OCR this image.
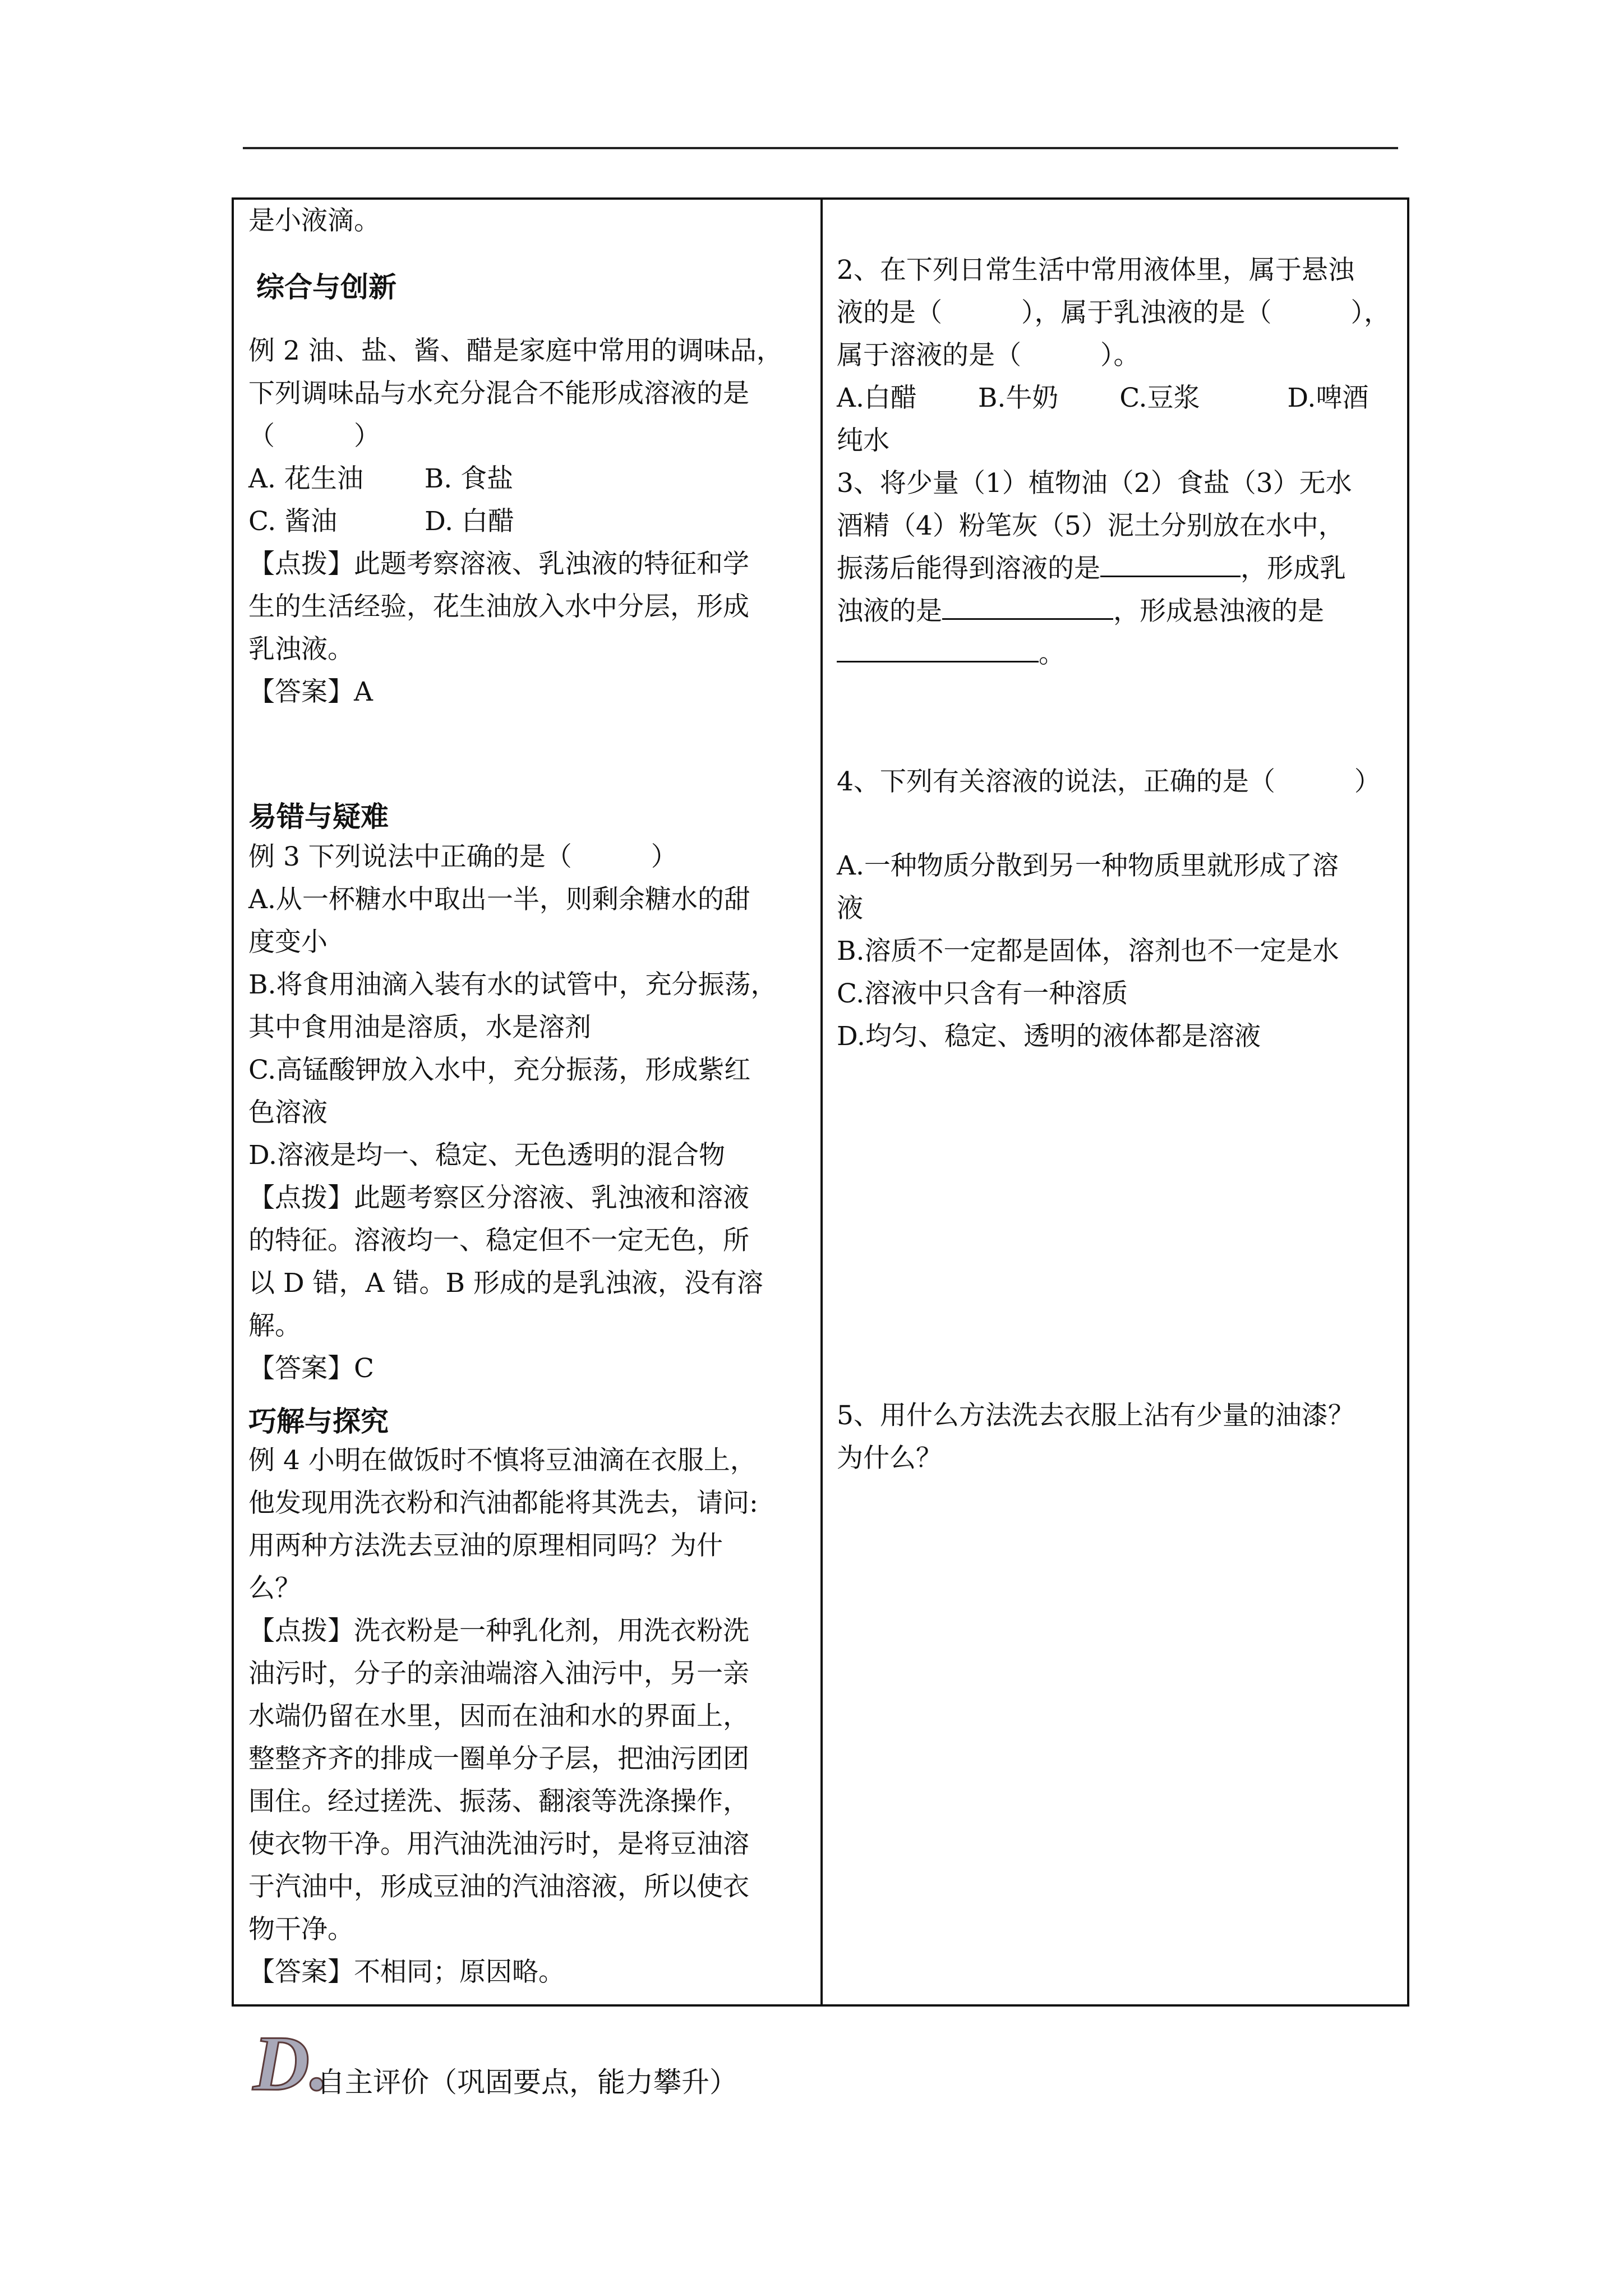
是小液滴。

综合与创新

例 2 油、盐、酱、醋是家庭中常用的调味品，

下列调味品与水充分混合不能形成溶液的是

（　　　）

A. 花生油　　 B. 食盐

C. 酱油　　　 D. 白醋

【点拨】此题考察溶液、乳浊液的特征和学

生的生活经验，花生油放入水中分层，形成

乳浊液。

【答案】A

易错与疑难

例 3 下列说法中正确的是（　　　）

A.从一杯糖水中取出一半，则剩余糖水的甜

度变小

B.将食用油滴入装有水的试管中，充分振荡，

其中食用油是溶质，水是溶剂

C.高锰酸钾放入水中，充分振荡，形成紫红

色溶液

D.溶液是均一、稳定、无色透明的混合物

【点拨】此题考察区分溶液、乳浊液和溶液

的特征。溶液均一、稳定但不一定无色，所

以 D 错，A 错。B 形成的是乳浊液，没有溶

解。

【答案】C

巧解与探究

例 4 小明在做饭时不慎将豆油滴在衣服上，

他发现用洗衣粉和汽油都能将其洗去，请问:

用两种方法洗去豆油的原理相同吗？为什

么？

【点拨】洗衣粉是一种乳化剂，用洗衣粉洗

油污时，分子的亲油端溶入油污中，另一亲

水端仍留在水里，因而在油和水的界面上，

整整齐齐的排成一圈单分子层，把油污团团

围住。经过搓洗、振荡、翻滚等洗涤操作，

使衣物干净。用汽油洗油污时，是将豆油溶

于汽油中，形成豆油的汽油溶液，所以使衣

物干净。

【答案】不相同；原因略。

2、在下列日常生活中常用液体里，属于悬浊

液的是（　　　），属于乳浊液的是（　　　），

属于溶液的是（　　　）。

A.白醋　　 B.牛奶　　 C.豆浆　　　 D.啤酒

纯水

3、将少量（1）植物油（2）食盐（3）无水

酒精（4）粉笔灰（5）泥土分别放在水中，

振荡后能得到溶液的是	，形成乳

浊液的是	，形成悬浊液的是

。

4、下列有关溶液的说法，正确的是（　　　）

A.一种物质分散到另一种物质里就形成了溶

液

B.溶质不一定都是固体，溶剂也不一定是水

C.溶液中只含有一种溶质

D.均匀、稳定、透明的液体都是溶液

5、用什么方法洗去衣服上沾有少量的油漆？

为什么？

D.
自主评价（巩固要点，能力攀升）
